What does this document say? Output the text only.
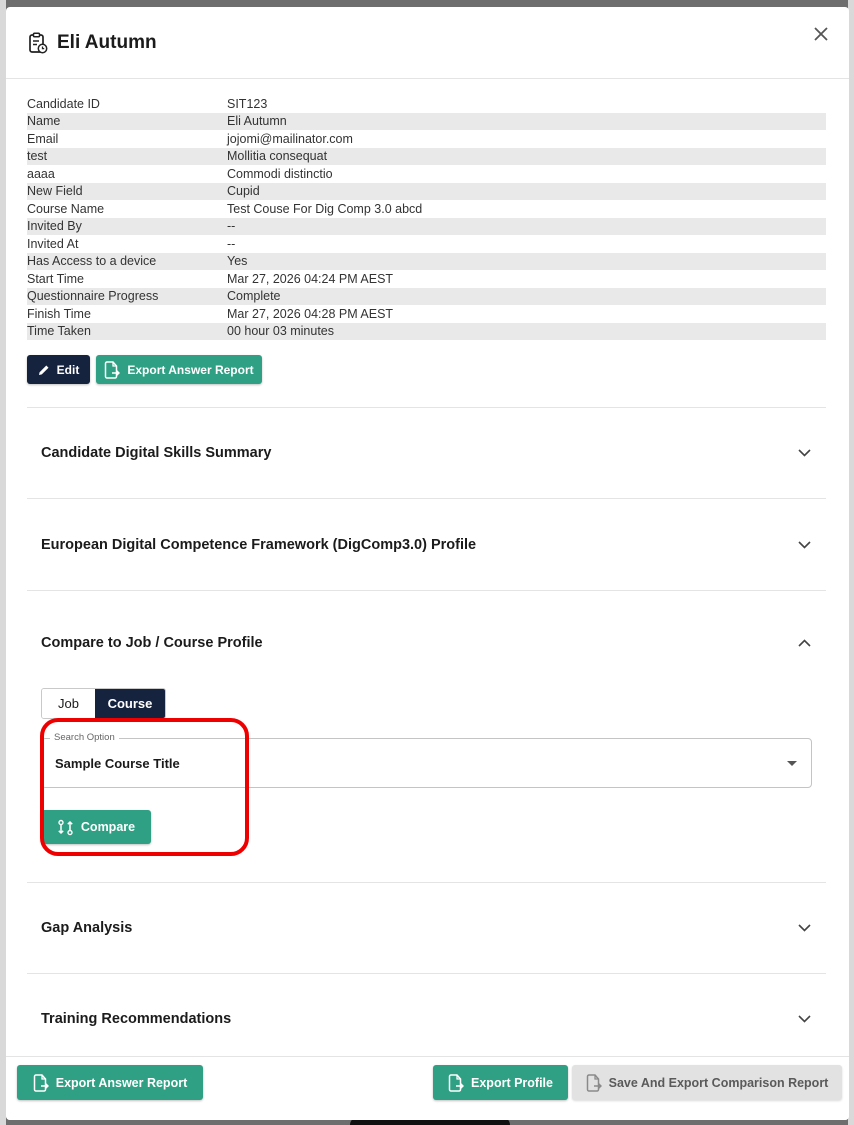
Eli Autumn
Candidate ID	SIT123
Name	Eli Autumn
Email	jojomi@mailinator.com
test	Mollitia consequat
aaaa	Commodi distinctio
New Field	Cupid
Course Name	Test Couse For Dig Comp 3.0 abcd
Invited By	--
Invited At	--
Has Access to a device	Yes
Start Time	Mar 27, 2026 04:24 PM AEST
Questionnaire Progress	Complete
Finish Time	Mar 27, 2026 04:28 PM AEST
Time Taken	00 hour 03 minutes
Edit	Export Answer Report
Candidate Digital Skills Summary
European Digital Competence Framework (DigComp3.0) Profile
Compare to Job / Course Profile
Job	Course
Search Option
Sample Course Title
Compare
Gap Analysis
Training Recommendations
Export Answer Report	Export Profile	Save And Export Comparison Report
